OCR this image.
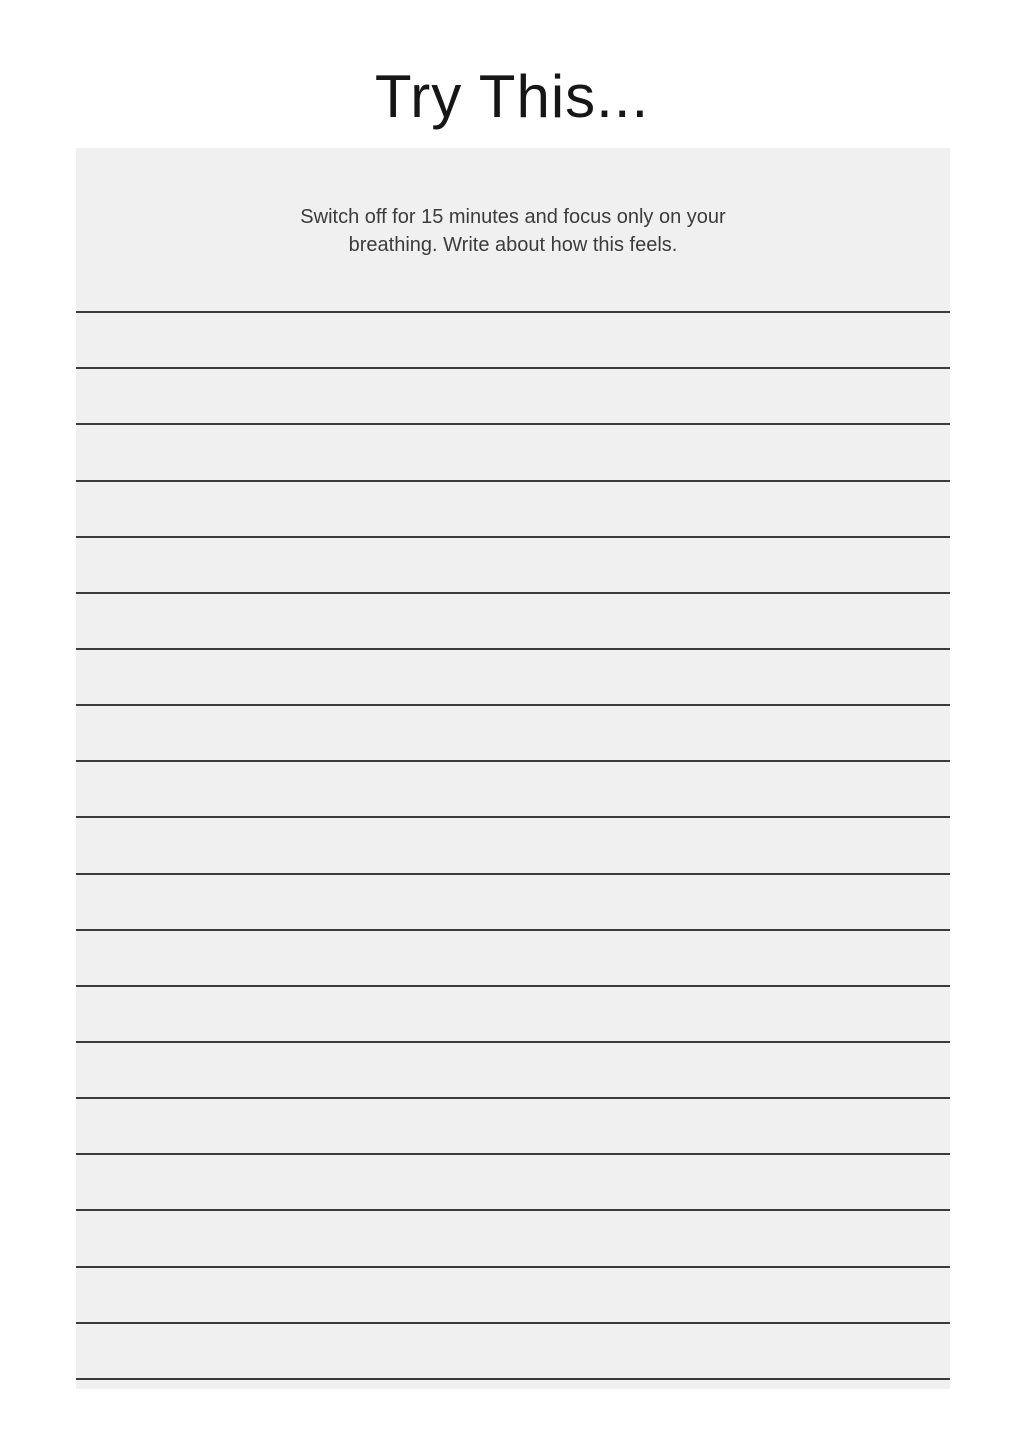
Try This...
Switch off for 15 minutes and focus only on your
breathing. Write about how this feels.
